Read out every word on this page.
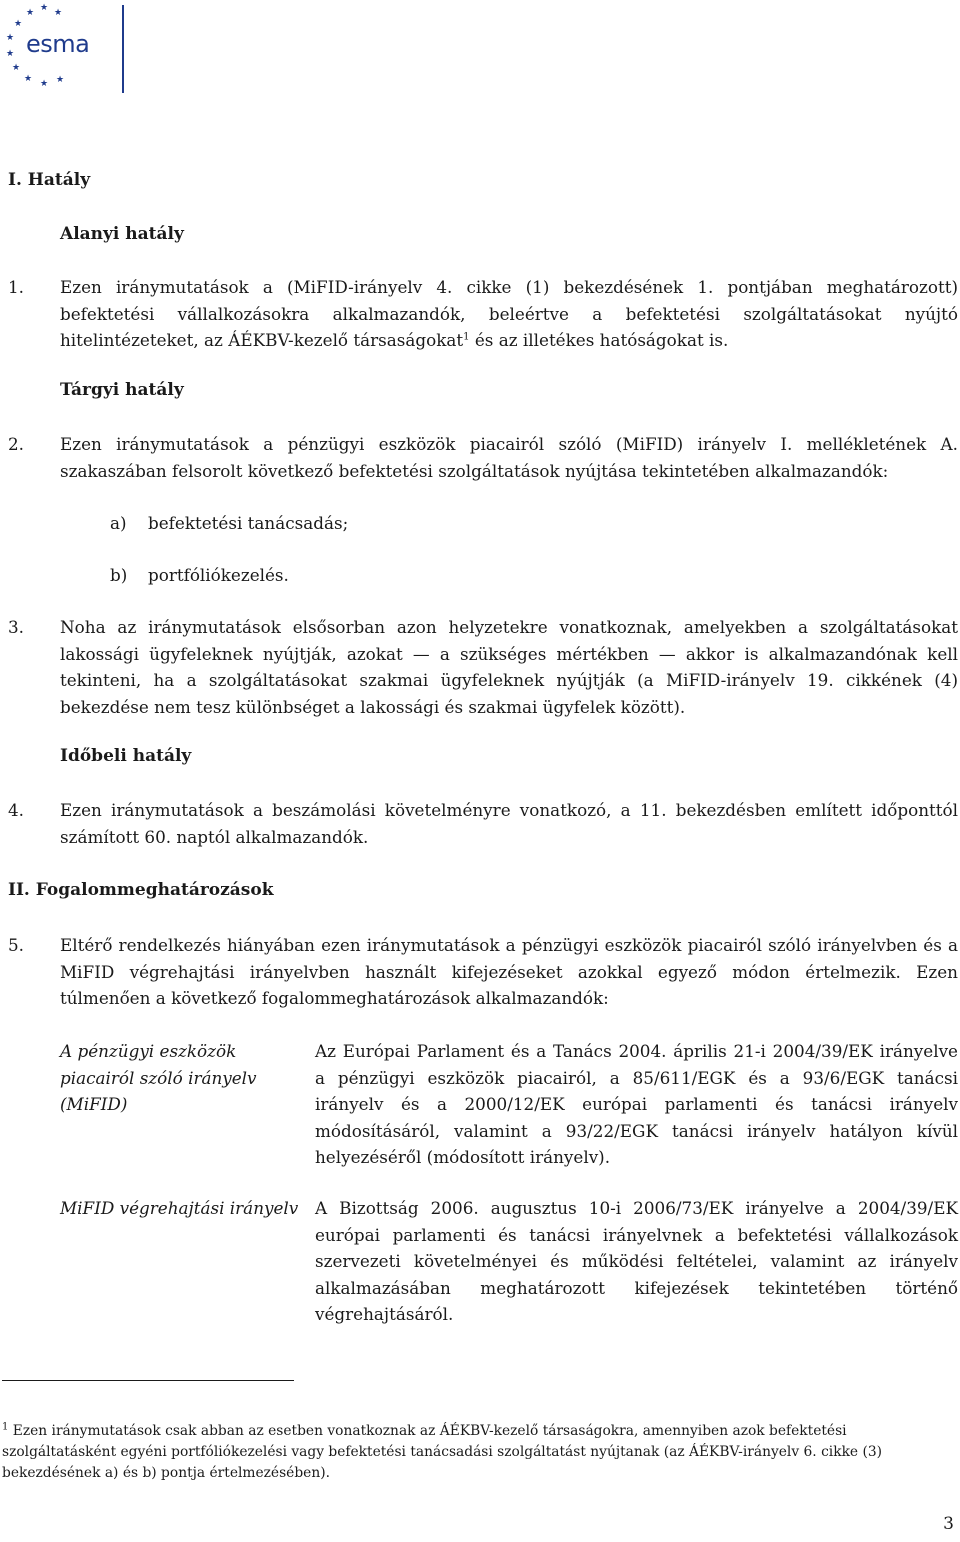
★
★ ★
★
★
★
★
★ ★ ★
esma
I. Hatály
Alanyi hatály
1. Ezen iránymutatások a (MiFID-irányelv 4. cikke (1) bekezdésének 1. pontjában meghatározott) befektetési vállalkozásokra alkalmazandók, beleértve a befektetési szolgáltatásokat nyújtó hitelintézeteket, az ÁÉKBV-kezelő társaságokat$^1$ és az illetékes hatóságokat is.
Tárgyi hatály
2. Ezen iránymutatások a pénzügyi eszközök piacairól szóló (MiFID) irányelv I. mellékletének A. szakaszában felsorolt következő befektetési szolgáltatások nyújtása tekintetében alkalmazandók:
a) befektetési tanácsadás;
b) portfóliókezelés.
3. Noha az iránymutatások elsősorban azon helyzetekre vonatkoznak, amelyekben a szolgáltatásokat lakossági ügyfeleknek nyújtják, azokat — a szükséges mértékben — akkor is alkalmazandónak kell tekinteni, ha a szolgáltatásokat szakmai ügyfeleknek nyújtják (a MiFID-irányelv 19. cikkének (4) bekezdése nem tesz különbséget a lakossági és szakmai ügyfelek között).
Időbeli hatály
4. Ezen iránymutatások a beszámolási követelményre vonatkozó, a 11. bekezdésben említett időponttól számított 60. naptól alkalmazandók.
II. Fogalommeghatározások
5. Eltérő rendelkezés hiányában ezen iránymutatások a pénzügyi eszközök piacairól szóló irányelvben és a MiFID végrehajtási irányelvben használt kifejezéseket azokkal egyező módon értelmezik. Ezen túlmenően a következő fogalommeghatározások alkalmazandók:
A pénzügyi eszközök piacairól szóló irányelv (MiFID)
Az Európai Parlament és a Tanács 2004. április 21-i 2004/39/EK irányelve a pénzügyi eszközök piacairól, a 85/611/EGK és a 93/6/EGK tanácsi irányelv és a 2000/12/EK európai parlamenti és tanácsi irányelv módosításáról, valamint a 93/22/EGK tanácsi irányelv hatályon kívül helyezéséről (módosított irányelv).
MiFID végrehajtási irányelv A Bizottság 2006. augusztus 10-i 2006/73/EK irányelve a 2004/39/EK európai parlamenti és tanácsi irányelvnek a befektetési vállalkozások szervezeti követelményei és működési feltételei, valamint az irányelv alkalmazásában meghatározott kifejezések tekintetében történő végrehajtásáról.
$^1$ Ezen iránymutatások csak abban az esetben vonatkoznak az ÁÉKBV-kezelő társaságokra, amennyiben azok befektetési szolgáltatásként egyéni portfóliókezelési vagy befektetési tanácsadási szolgáltatást nyújtanak (az ÁÉKBV-irányelv 6. cikke (3) bekezdésének a) és b) pontja értelmezésében).
3
